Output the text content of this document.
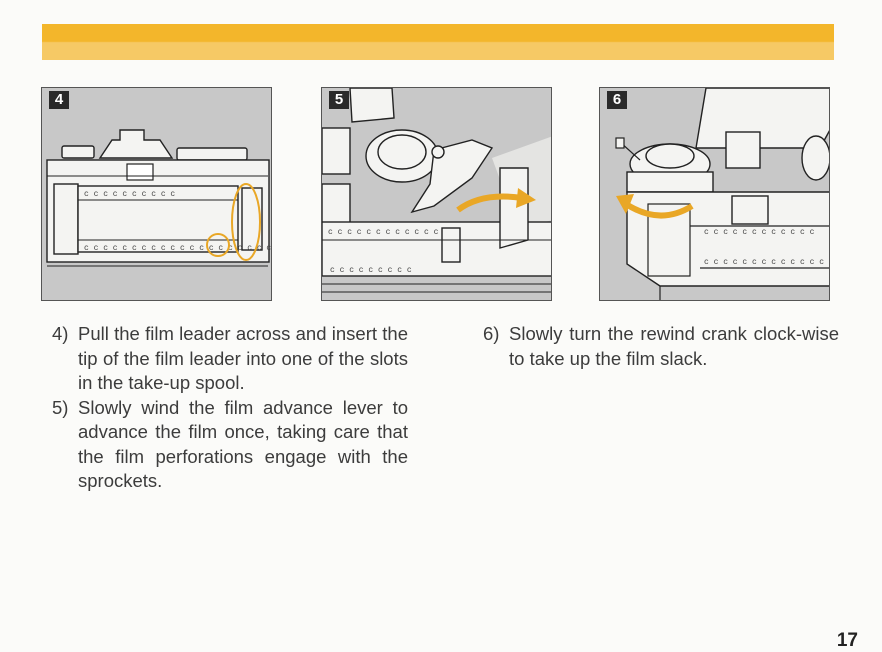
4
c c c c c c c c c c
c c c c c c c c c c c c c c c c c c c c
5
c c c c c c c c c c c c
c c c c c c c c c
6
c c c c c c c c c c c c
c c c c c c c c c c c c c
4) Pull the film leader across and insert the tip of the film leader into one of the slots in the take-up spool.
5) Slowly wind the film advance lever to advance the film once, taking care that the film perforations engage with the sprockets.
6) Slowly turn the rewind crank clock-wise to take up the film slack.
17
